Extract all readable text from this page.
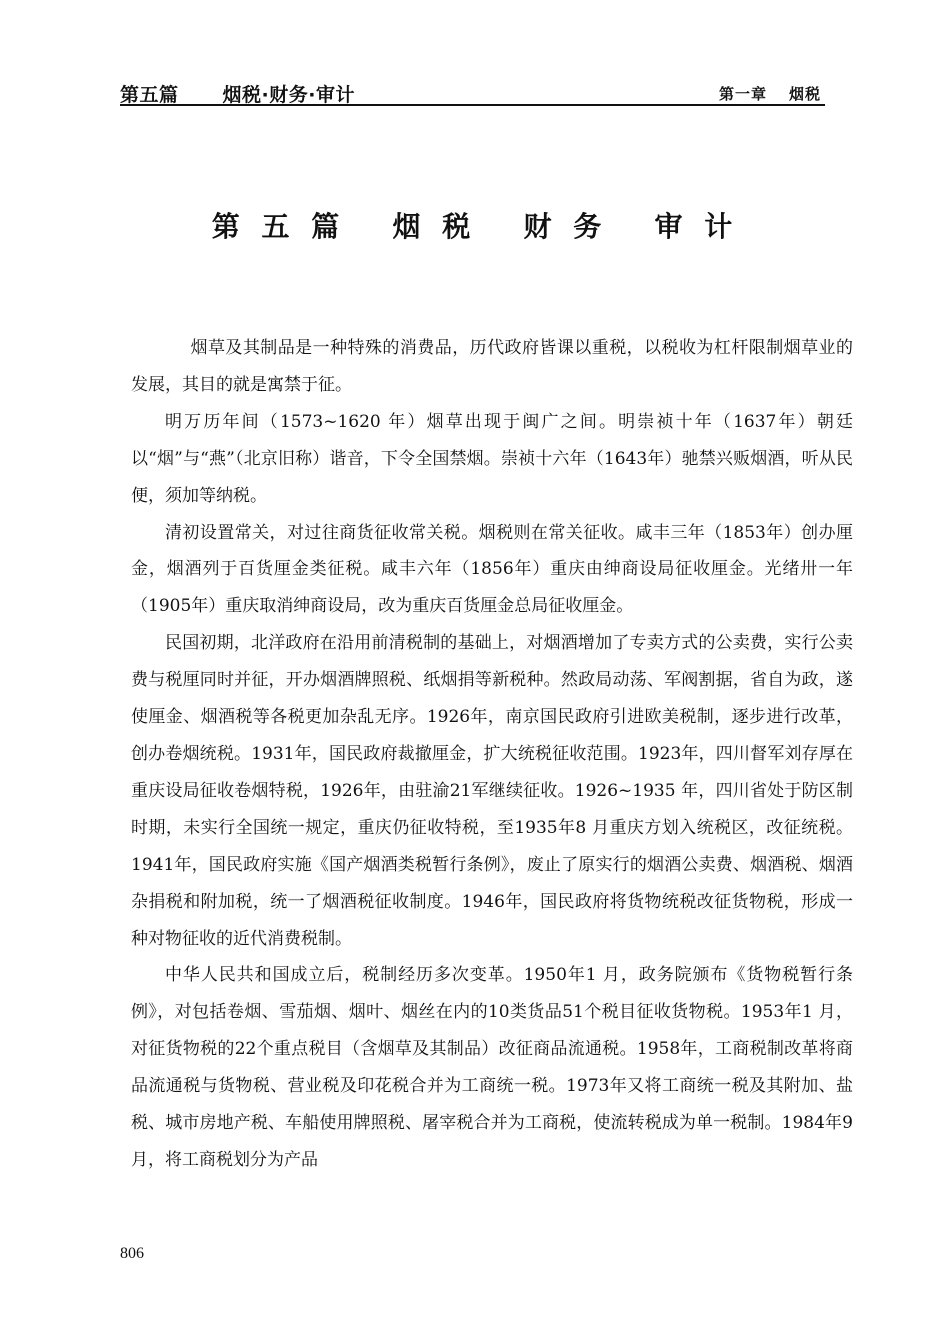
第五篇 烟税·财务·审计	第一章 烟税
第 五 篇   烟 税   财 务   审 计

烟草及其制品是一种特殊的消费品，历代政府皆课以重税，以税收为杠杆限制烟草业的发展，其目的就是寓禁于征。

明万历年间（1573~1620 年）烟草出现于闽广之间。明崇祯十年（1637年）朝廷以“烟”与“燕”（北京旧称）谐音，下令全国禁烟。崇祯十六年（1643年）驰禁兴贩烟酒，听从民便，须加等纳税。

清初设置常关，对过往商货征收常关税。烟税则在常关征收。咸丰三年（1853年）创办厘金，烟酒列于百货厘金类征税。咸丰六年（1856年）重庆由绅商设局征收厘金。光绪卅一年（1905年）重庆取消绅商设局，改为重庆百货厘金总局征收厘金。

民国初期，北洋政府在沿用前清税制的基础上，对烟酒增加了专卖方式的公卖费，实行公卖费与税厘同时并征，开办烟酒牌照税、纸烟捐等新税种。然政局动荡、军阀割据，省自为政，遂使厘金、烟酒税等各税更加杂乱无序。1926年，南京国民政府引进欧美税制，逐步进行改革，创办卷烟统税。1931年，国民政府裁撤厘金，扩大统税征收范围。1923年，四川督军刘存厚在重庆设局征收卷烟特税，1926年，由驻渝21军继续征收。1926~1935 年，四川省处于防区制时期，未实行全国统一规定，重庆仍征收特税，至1935年8 月重庆方划入统税区，改征统税。1941年，国民政府实施《国产烟酒类税暂行条例》，废止了原实行的烟酒公卖费、烟酒税、烟酒杂捐税和附加税，统一了烟酒税征收制度。1946年，国民政府将货物统税改征货物税，形成一种对物征收的近代消费税制。

中华人民共和国成立后，税制经历多次变革。1950年1 月，政务院颁布《货物税暂行条例》，对包括卷烟、雪茄烟、烟叶、烟丝在内的10类货品51个税目征收货物税。1953年1 月，对征货物税的22个重点税目（含烟草及其制品）改征商品流通税。1958年，工商税制改革将商品流通税与货物税、营业税及印花税合并为工商统一税。1973年又将工商统一税及其附加、盐税、城市房地产税、车船使用牌照税、屠宰税合并为工商税，使流转税成为单一税制。1984年9 月，将工商税划分为产品

806
